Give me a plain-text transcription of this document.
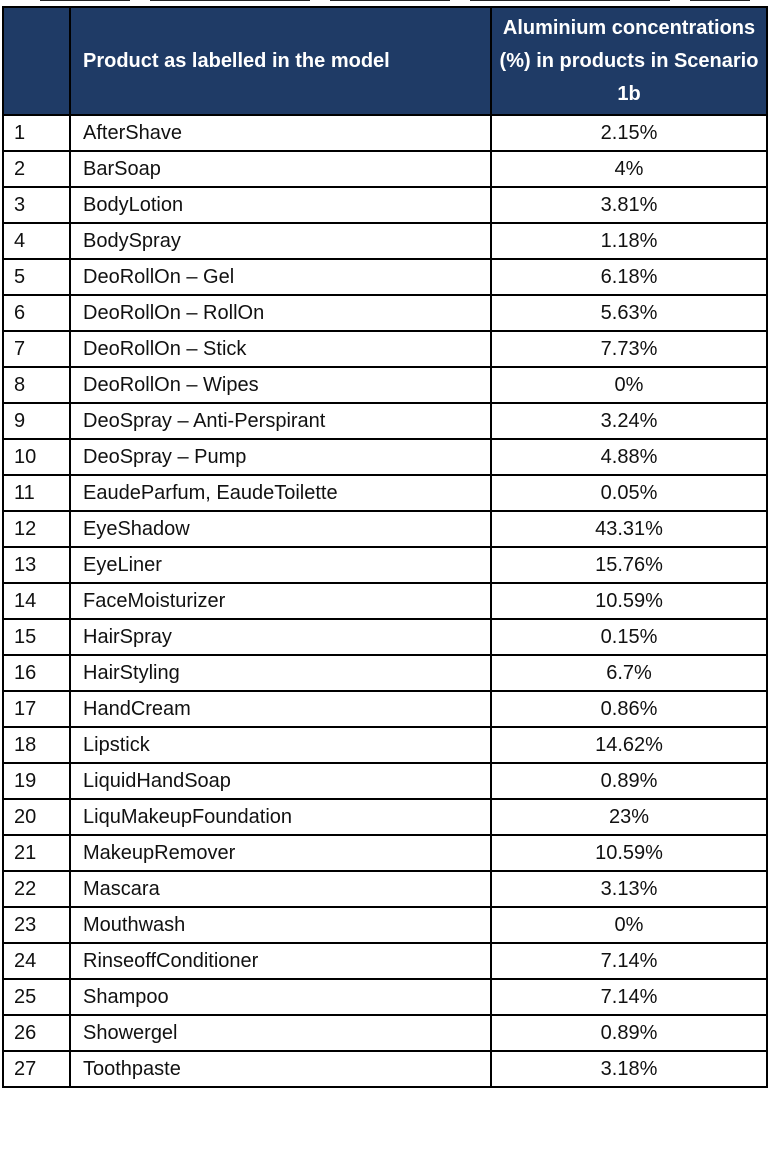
	Product as labelled in the model	Aluminium concentrations (%) in products in Scenario 1b
1	AfterShave	2.15%
2	BarSoap	4%
3	BodyLotion	3.81%
4	BodySpray	1.18%
5	DeoRollOn – Gel	6.18%
6	DeoRollOn – RollOn	5.63%
7	DeoRollOn – Stick	7.73%
8	DeoRollOn – Wipes	0%
9	DeoSpray – Anti-Perspirant	3.24%
10	DeoSpray – Pump	4.88%
11	EaudeParfum, EaudeToilette	0.05%
12	EyeShadow	43.31%
13	EyeLiner	15.76%
14	FaceMoisturizer	10.59%
15	HairSpray	0.15%
16	HairStyling	6.7%
17	HandCream	0.86%
18	Lipstick	14.62%
19	LiquidHandSoap	0.89%
20	LiquMakeupFoundation	23%
21	MakeupRemover	10.59%
22	Mascara	3.13%
23	Mouthwash	0%
24	RinseoffConditioner	7.14%
25	Shampoo	7.14%
26	Showergel	0.89%
27	Toothpaste	3.18%
